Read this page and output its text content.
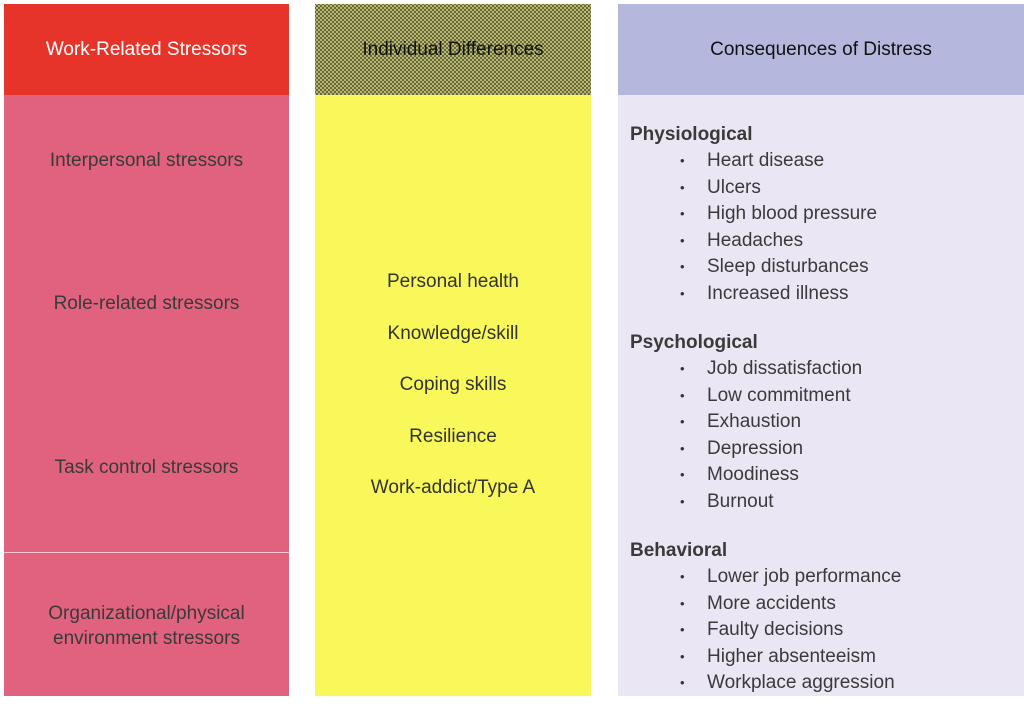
Work-Related Stressors
Interpersonal stressors
Role-related stressors
Task control stressors
Organizational/physical environment stressors
Individual Differences
Personal health
Knowledge/skill
Coping skills
Resilience
Work-addict/Type A
Consequences of Distress
Physiological
• Heart disease
• Ulcers
• High blood pressure
• Headaches
• Sleep disturbances
• Increased illness
Psychological
• Job dissatisfaction
• Low commitment
• Exhaustion
• Depression
• Moodiness
• Burnout
Behavioral
• Lower job performance
• More accidents
• Faulty decisions
• Higher absenteeism
• Workplace aggression
